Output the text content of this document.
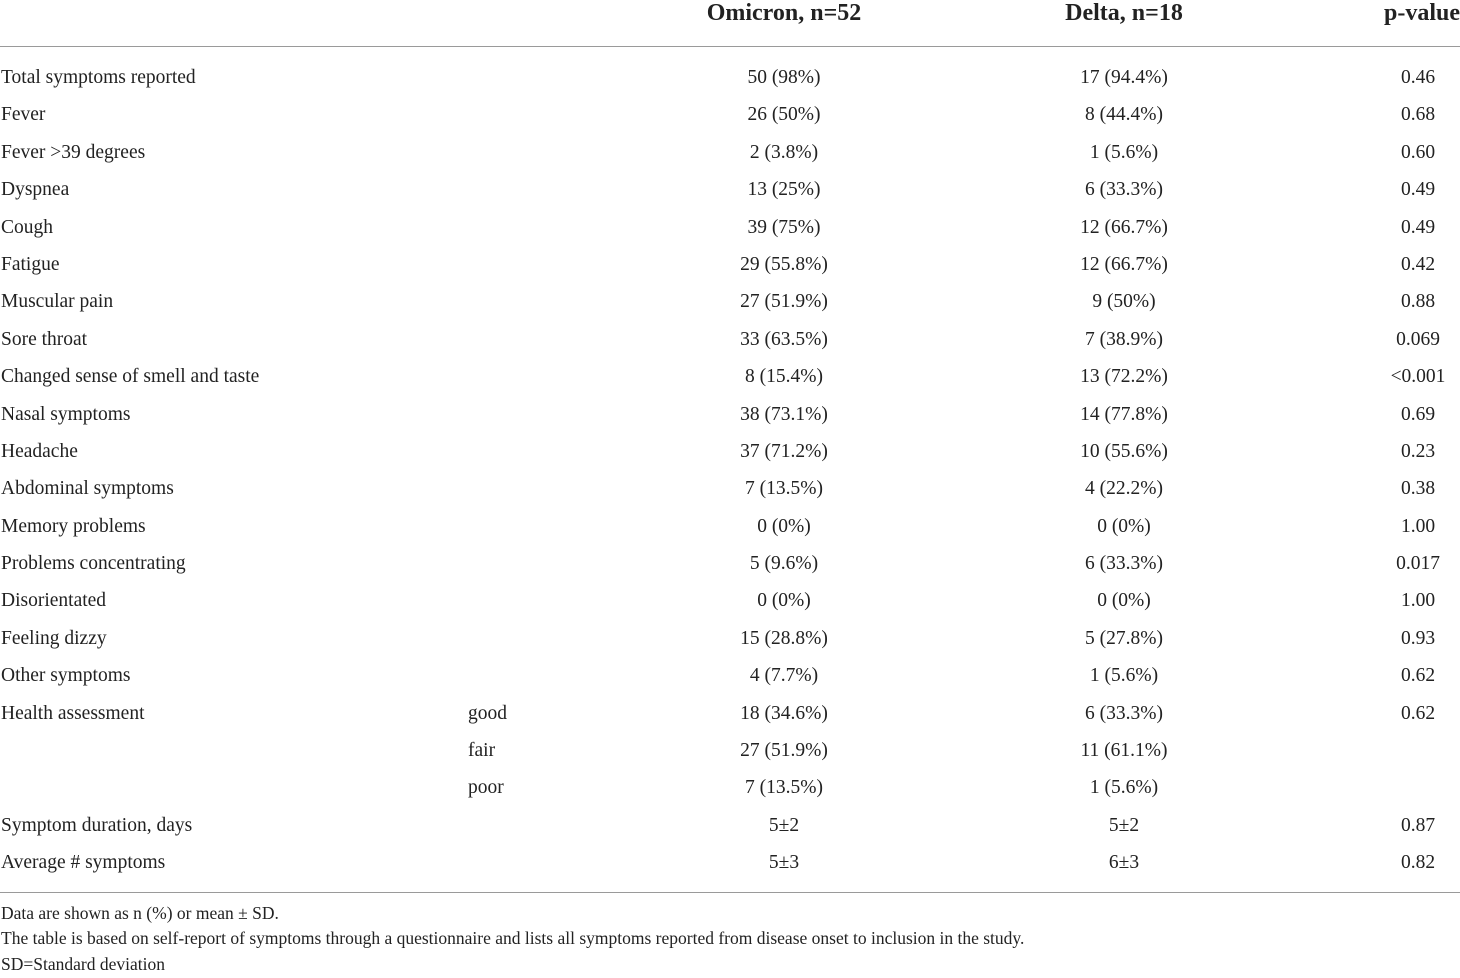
Omicron, n=52	Delta, n=18	p-value
Total symptoms reported	50 (98%)	17 (94.4%)	0.46
Fever	26 (50%)	8 (44.4%)	0.68
Fever >39 degrees	2 (3.8%)	1 (5.6%)	0.60
Dyspnea	13 (25%)	6 (33.3%)	0.49
Cough	39 (75%)	12 (66.7%)	0.49
Fatigue	29 (55.8%)	12 (66.7%)	0.42
Muscular pain	27 (51.9%)	9 (50%)	0.88
Sore throat	33 (63.5%)	7 (38.9%)	0.069
Changed sense of smell and taste	8 (15.4%)	13 (72.2%)	<0.001
Nasal symptoms	38 (73.1%)	14 (77.8%)	0.69
Headache	37 (71.2%)	10 (55.6%)	0.23
Abdominal symptoms	7 (13.5%)	4 (22.2%)	0.38
Memory problems	0 (0%)	0 (0%)	1.00
Problems concentrating	5 (9.6%)	6 (33.3%)	0.017
Disorientated	0 (0%)	0 (0%)	1.00
Feeling dizzy	15 (28.8%)	5 (27.8%)	0.93
Other symptoms	4 (7.7%)	1 (5.6%)	0.62
Health assessment	good	18 (34.6%)	6 (33.3%)	0.62
fair	27 (51.9%)	11 (61.1%)
poor	7 (13.5%)	1 (5.6%)
Symptom duration, days	5±2	5±2	0.87
Average # symptoms	5±3	6±3	0.82
Data are shown as n (%) or mean ± SD.
The table is based on self-report of symptoms through a questionnaire and lists all symptoms reported from disease onset to inclusion in the study.
SD=Standard deviation
